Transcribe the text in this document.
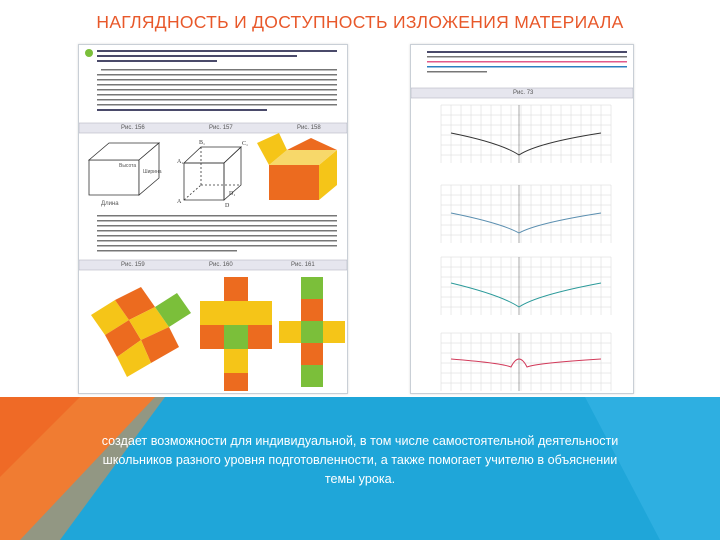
НАГЛЯДНОСТЬ И ДОСТУПНОСТЬ ИЗЛОЖЕНИЯ МАТЕРИАЛА
Длина
Ширина
Высота
A
D
A₁
C₁
B₁
D₁
Рис. 156	Рис. 157	Рис. 158
Рис. 159	Рис. 160	Рис. 161
Рис. 73
создает возможности для индивидуальной, в том числе самостоятельной деятельности
школьников разного уровня подготовленности, а также помогает учителю в объяснении
темы урока.
